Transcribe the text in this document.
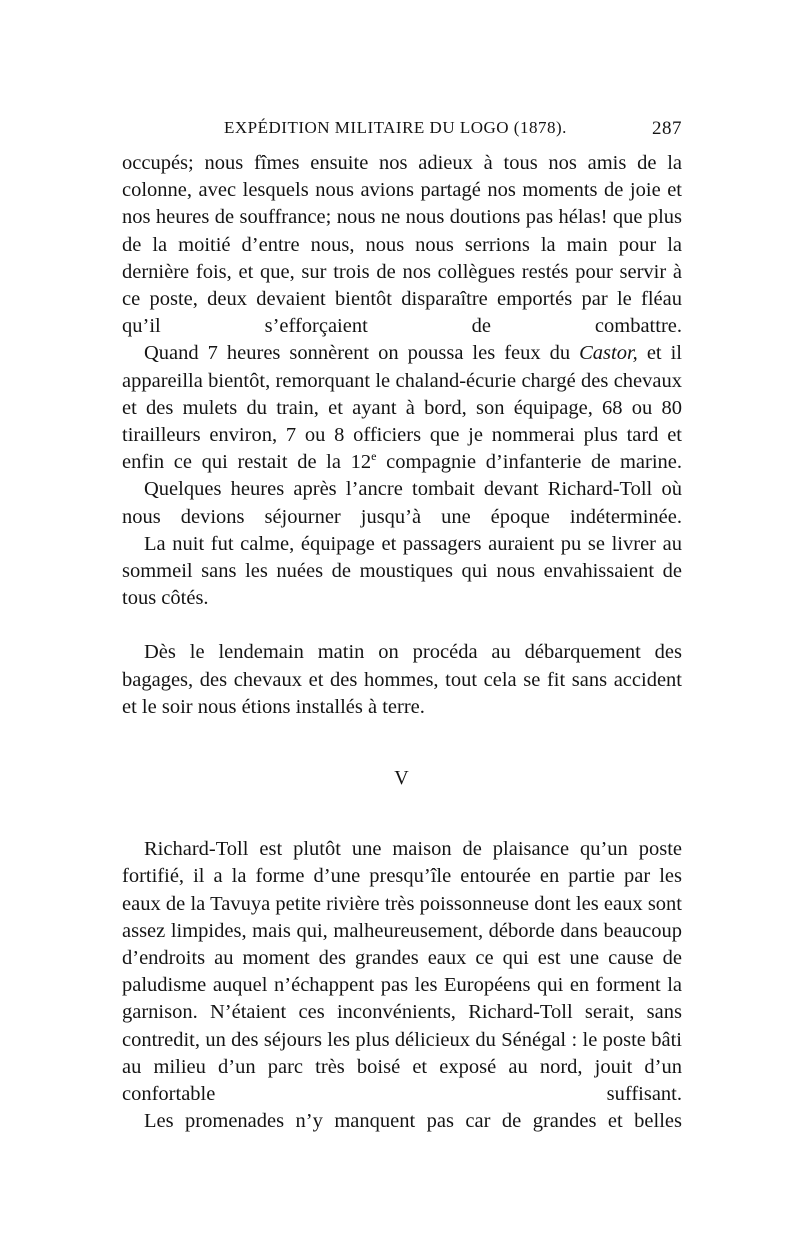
EXPÉDITION MILITAIRE DU LOGO (1878).	287

occupés; nous fîmes ensuite nos adieux à tous nos amis de la colonne, avec lesquels nous avions partagé nos moments de joie et nos heures de souffrance; nous ne nous doutions pas hélas! que plus de la moitié d’entre nous, nous nous serrions la main pour la dernière fois, et que, sur trois de nos collègues restés pour servir à ce poste, deux devaient bientôt disparaître emportés par le fléau qu’il s’efforçaient de combattre.

Quand 7 heures sonnèrent on poussa les feux du Castor, et il appareilla bientôt, remorquant le chaland-écurie chargé des chevaux et des mulets du train, et ayant à bord, son équipage, 68 ou 80 tirailleurs environ, 7 ou 8 officiers que je nommerai plus tard et enfin ce qui restait de la 12e compagnie d’infanterie de marine.

Quelques heures après l’ancre tombait devant Richard-Toll où nous devions séjourner jusqu’à une époque indéterminée.

La nuit fut calme, équipage et passagers auraient pu se livrer au sommeil sans les nuées de moustiques qui nous envahissaient de tous côtés.

Dès le lendemain matin on procéda au débarquement des bagages, des chevaux et des hommes, tout cela se fit sans accident et le soir nous étions installés à terre.

V

Richard-Toll est plutôt une maison de plaisance qu’un poste fortifié, il a la forme d’une presqu’île entourée en partie par les eaux de la Tavuya petite rivière très poissonneuse dont les eaux sont assez limpides, mais qui, malheureusement, déborde dans beaucoup d’endroits au moment des grandes eaux ce qui est une cause de paludisme auquel n’échappent pas les Européens qui en forment la garnison. N’étaient ces inconvénients, Richard-Toll serait, sans contredit, un des séjours les plus délicieux du Sénégal : le poste bâti au milieu d’un parc très boisé et exposé au nord, jouit d’un confortable suffisant.

Les promenades n’y manquent pas car de grandes et belles
